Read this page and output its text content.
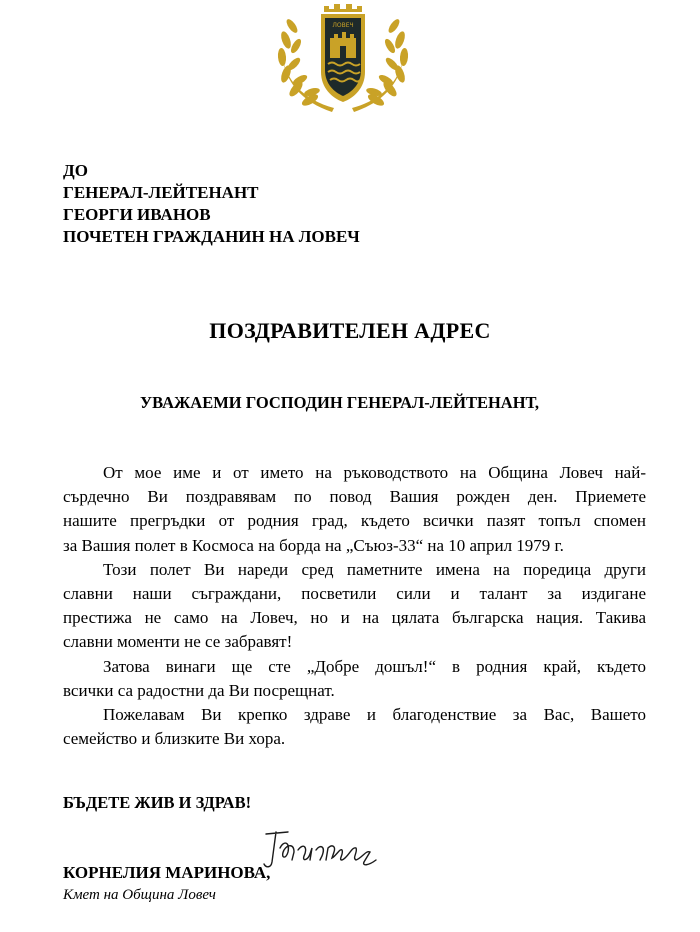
ЛОВЕЧ
ДО
ГЕНЕРАЛ-ЛЕЙТЕНАНТ
ГЕОРГИ ИВАНОВ
ПОЧЕТЕН ГРАЖДАНИН НА ЛОВЕЧ
ПОЗДРАВИТЕЛЕН АДРЕС
УВАЖАЕМИ ГОСПОДИН ГЕНЕРАЛ-ЛЕЙТЕНАНТ,

От мое име и от името на ръководството на Община Ловеч най-
сърдечно Ви поздравявам по повод Вашия рожден ден. Приемете
нашите прегръдки от родния град, където всички пазят топъл спомен
за Вашия полет в Космоса на борда на „Съюз-33“ на 10 април 1979 г.

Този полет Ви нареди сред паметните имена на поредица други
славни наши съграждани, посветили сили и талант за издигане
престижа не само на Ловеч, но и на цялата българска нация. Такива
славни моменти не се забравят!

Затова винаги ще сте „Добре дошъл!“ в родния край, където
всички са радостни да Ви посрещнат.

Пожелавам Ви крепко здраве и благоденствие за Вас, Вашето
семейство и близките Ви хора.

БЪДЕТЕ ЖИВ И ЗДРАВ!
КОРНЕЛИЯ МАРИНОВА,
Кмет на Община Ловеч
